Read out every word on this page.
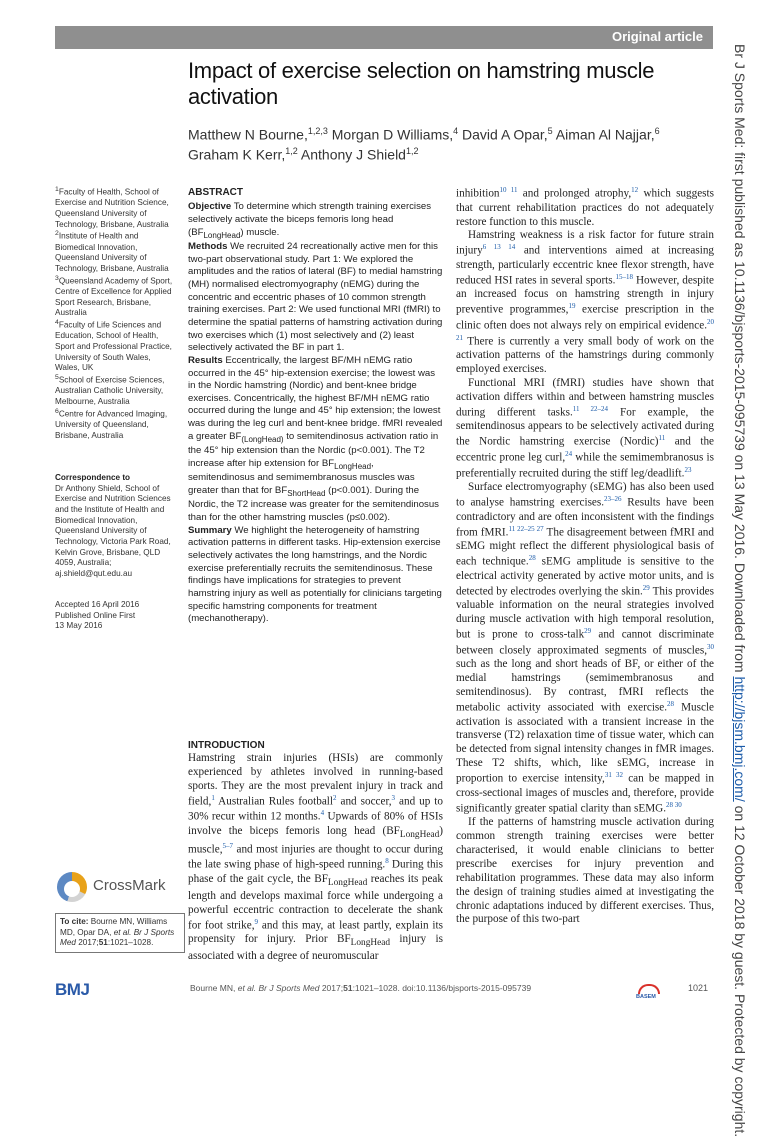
Original article
Impact of exercise selection on hamstring muscle activation
Matthew N Bourne,$^{1,2,3}$ Morgan D Williams,$^4$ David A Opar,$^5$ Aiman Al Najjar,$^6$
Graham K Kerr,$^{1,2}$ Anthony J Shield$^{1,2}$
$^1$Faculty of Health, School of Exercise and Nutrition Science, Queensland University of Technology, Brisbane, Australia
$^2$Institute of Health and Biomedical Innovation, Queensland University of Technology, Brisbane, Australia
$^3$Queensland Academy of Sport, Centre of Excellence for Applied Sport Research, Brisbane, Australia
$^4$Faculty of Life Sciences and Education, School of Health, Sport and Professional Practice, University of South Wales, Wales, UK
$^5$School of Exercise Sciences, Australian Catholic University, Melbourne, Australia
$^6$Centre for Advanced Imaging, University of Queensland, Brisbane, Australia
Correspondence to
Dr Anthony Shield, School of Exercise and Nutrition Sciences and the Institute of Health and Biomedical Innovation, Queensland University of Technology, Victoria Park Road, Kelvin Grove, Brisbane, QLD 4059, Australia; aj.shield@qut.edu.au
Accepted 16 April 2016
Published Online First
13 May 2016
ABSTRACT

Objective To determine which strength training exercises selectively activate the biceps femoris long head $(BF_{LongHead})$ muscle.

Methods We recruited 24 recreationally active men for this two-part observational study. Part 1: We explored the amplitudes and the ratios of lateral (BF) to medial hamstring (MH) normalised electromyography (nEMG) during the concentric and eccentric phases of 10 common strength training exercises. Part 2: We used functional MRI (fMRI) to determine the spatial patterns of hamstring activation during two exercises which (1) most selectively and (2) least selectively activated the BF in part 1.

Results Eccentrically, the largest BF/MH nEMG ratio occurred in the 45° hip-extension exercise; the lowest was in the Nordic hamstring (Nordic) and bent-knee bridge exercises. Concentrically, the highest BF/MH nEMG ratio occurred during the lunge and 45° hip extension; the lowest was during the leg curl and bent-knee bridge. fMRI revealed a greater $BF_{(LongHead)}$ to semitendinosus activation ratio in the 45° hip extension than the Nordic (p<0.001). The T2 increase after hip extension for $BF_{LongHead}$, semitendinosus and semimembranosus muscles was greater than that for $BF_{ShortHead}$ (p<0.001). During the Nordic, the T2 increase was greater for the semitendinosus than for the other hamstring muscles (p≤0.002).

Summary We highlight the heterogeneity of hamstring activation patterns in different tasks. Hip-extension exercise selectively activates the long hamstrings, and the Nordic exercise preferentially recruits the semitendinosus. These findings have implications for strategies to prevent hamstring injury as well as potentially for clinicians targeting specific hamstring components for treatment (mechanotherapy).

INTRODUCTION

Hamstring strain injuries (HSIs) are commonly experienced by athletes involved in running-based sports. They are the most prevalent injury in track and field,$^1$ Australian Rules football$^2$ and soccer,$^3$ and up to 30% recur within 12 months.$^4$ Upwards of 80% of HSIs involve the biceps femoris long head $(BF_{LongHead})$ muscle,$^{5-7}$ and most injuries are thought to occur during the late swing phase of high-speed running.$^8$ During this phase of the gait cycle, the $BF_{LongHead}$ reaches its peak length and develops maximal force while undergoing a powerful eccentric contraction to decelerate the shank for foot strike,$^9$ and this may, at least partly, explain its propensity for injury. Prior $BF_{LongHead}$ injury is associated with a degree of neuromuscular

inhibition$^{10 11}$ and prolonged atrophy,$^{12}$ which suggests that current rehabilitation practices do not adequately restore function to this muscle.

Hamstring weakness is a risk factor for future strain injury$^{6 13 14}$ and interventions aimed at increasing strength, particularly eccentric knee flexor strength, have reduced HSI rates in several sports.$^{15-18}$ However, despite an increased focus on hamstring strength in injury preventive programmes,$^{19}$ exercise prescription in the clinic often does not always rely on empirical evidence.$^{20 21}$ There is currently a very small body of work on the activation patterns of the hamstrings during commonly employed exercises.

Functional MRI (fMRI) studies have shown that activation differs within and between hamstring muscles during different tasks.$^{11 22-24}$ For example, the semitendinosus appears to be selectively activated during the Nordic hamstring exercise (Nordic)$^{11}$ and the eccentric prone leg curl,$^{24}$ while the semimembranosus is preferentially recruited during the stiff leg/deadlift.$^{23}$

Surface electromyography (sEMG) has also been used to analyse hamstring exercises.$^{23-26}$ Results have been contradictory and are often inconsistent with the findings from fMRI.$^{11 22-25 27}$ The disagreement between fMRI and sEMG might reflect the different physiological basis of each technique.$^{28}$ sEMG amplitude is sensitive to the electrical activity generated by active motor units, and is detected by electrodes overlying the skin.$^{29}$ This provides valuable information on the neural strategies involved during muscle activation with high temporal resolution, but is prone to cross-talk$^{29}$ and cannot discriminate between closely approximated segments of muscles,$^{30}$ such as the long and short heads of BF, or either of the medial hamstrings (semimembranosus and semitendinosus). By contrast, fMRI reflects the metabolic activity associated with exercise.$^{28}$ Muscle activation is associated with a transient increase in the transverse (T2) relaxation time of tissue water, which can be detected from signal intensity changes in fMR images. These T2 shifts, which, like sEMG, increase in proportion to exercise intensity,$^{31 32}$ can be mapped in cross-sectional images of muscles and, therefore, provide significantly greater spatial clarity than sEMG.$^{28 30}$

If the patterns of hamstring muscle activation during common strength training exercises were better characterised, it would enable clinicians to better prescribe exercises for injury prevention and rehabilitation programmes. These data may also inform the design of training studies aimed at investigating the chronic adaptations induced by different exercises. Thus, the purpose of this two-part

CrossMark
To cite: Bourne MN, Williams MD, Opar DA, et al. Br J Sports Med 2017;51:1021–1028.
BMJ	Bourne MN, et al. Br J Sports Med 2017;51:1021–1028. doi:10.1136/bjsports-2015-095739
BASEM
1021
Br J Sports Med: first published as 10.1136/bjsports-2015-095739 on 13 May 2016. Downloaded from http://bjsm.bmj.com/ on 12 October 2018 by guest. Protected by copyright.
